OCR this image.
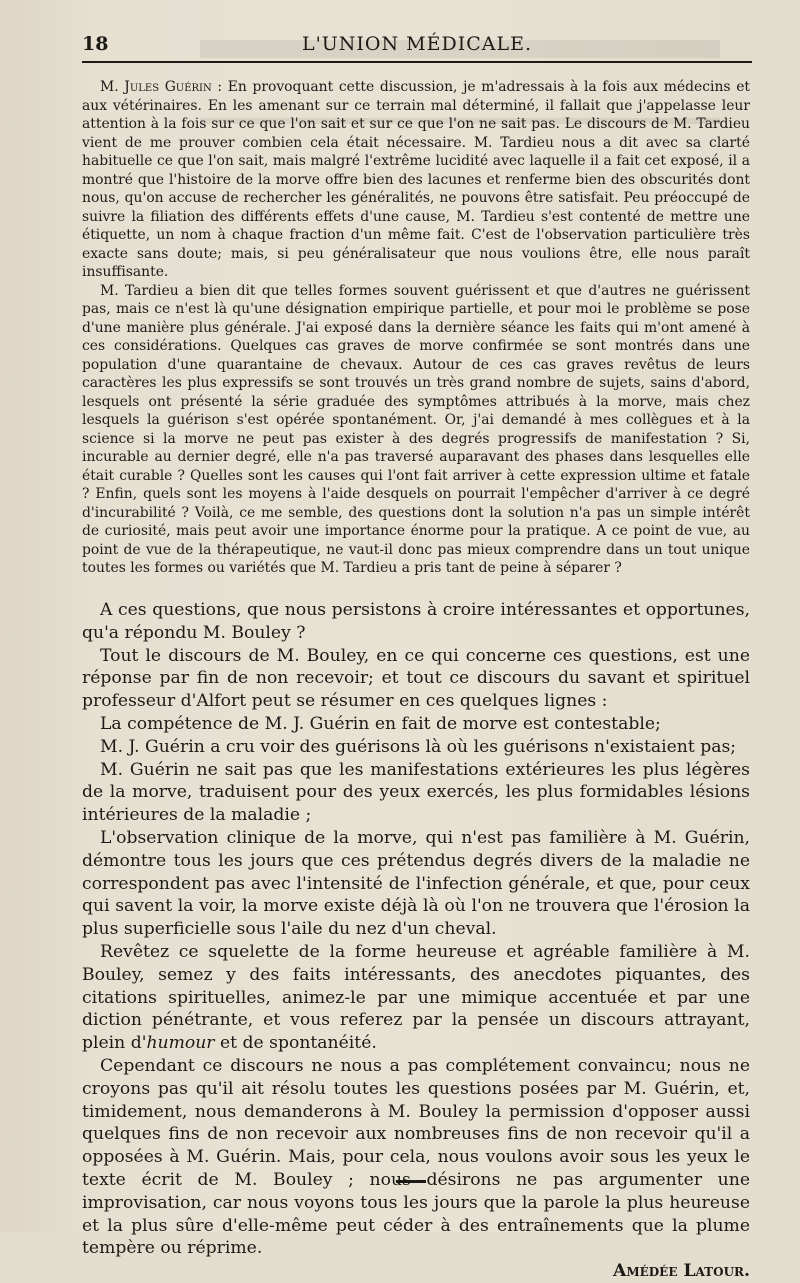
18	L'UNION MÉDICALE.

M. Jules Guérin : En provoquant cette discussion, je m'adressais à la fois aux médecins et aux vétérinaires. En les amenant sur ce terrain mal déterminé, il fallait que j'appelasse leur attention à la fois sur ce que l'on sait et sur ce que l'on ne sait pas. Le discours de M. Tardieu vient de me prouver combien cela était nécessaire. M. Tardieu nous a dit avec sa clarté habituelle ce que l'on sait, mais malgré l'extrême lucidité avec laquelle il a fait cet exposé, il a montré que l'histoire de la morve offre bien des lacunes et renferme bien des obscurités dont nous, qu'on accuse de rechercher les généralités, ne pouvons être satisfait. Peu préoccupé de suivre la filiation des différents effets d'une cause, M. Tardieu s'est contenté de mettre une étiquette, un nom à chaque fraction d'un même fait. C'est de l'observation particulière très exacte sans doute; mais, si peu généralisateur que nous voulions être, elle nous paraît insuffisante.

M. Tardieu a bien dit que telles formes souvent guérissent et que d'autres ne guérissent pas, mais ce n'est là qu'une désignation empirique partielle, et pour moi le problème se pose d'une manière plus générale. J'ai exposé dans la dernière séance les faits qui m'ont amené à ces considérations. Quelques cas graves de morve confirmée se sont montrés dans une population d'une quarantaine de chevaux. Autour de ces cas graves revêtus de leurs caractères les plus expressifs se sont trouvés un très grand nombre de sujets, sains d'abord, lesquels ont présenté la série graduée des symptômes attribués à la morve, mais chez lesquels la guérison s'est opérée spontanément. Or, j'ai demandé à mes collègues et à la science si la morve ne peut pas exister à des degrés progressifs de manifestation ? Si, incurable au dernier degré, elle n'a pas traversé auparavant des phases dans lesquelles elle était curable ? Quelles sont les causes qui l'ont fait arriver à cette expression ultime et fatale ? Enfin, quels sont les moyens à l'aide desquels on pourrait l'empêcher d'arriver à ce degré d'incurabilité ? Voilà, ce me semble, des questions dont la solution n'a pas un simple intérêt de curiosité, mais peut avoir une importance énorme pour la pratique. A ce point de vue, au point de vue de la thérapeutique, ne vaut-il donc pas mieux comprendre dans un tout unique toutes les formes ou variétés que M. Tardieu a pris tant de peine à séparer ?

A ces questions, que nous persistons à croire intéressantes et opportunes, qu'a répondu M. Bouley ?

Tout le discours de M. Bouley, en ce qui concerne ces questions, est une réponse par fin de non recevoir; et tout ce discours du savant et spirituel professeur d'Alfort peut se résumer en ces quelques lignes :

La compétence de M. J. Guérin en fait de morve est contestable;

M. J. Guérin a cru voir des guérisons là où les guérisons n'existaient pas;

M. Guérin ne sait pas que les manifestations extérieures les plus légères de la morve, traduisent pour des yeux exercés, les plus formidables lésions intérieures de la maladie ;

L'observation clinique de la morve, qui n'est pas familière à M. Guérin, démontre tous les jours que ces prétendus degrés divers de la maladie ne correspondent pas avec l'intensité de l'infection générale, et que, pour ceux qui savent la voir, la morve existe déjà là où l'on ne trouvera que l'érosion la plus superficielle sous l'aile du nez d'un cheval.

Revêtez ce squelette de la forme heureuse et agréable familière à M. Bouley, semez y des faits intéressants, des anecdotes piquantes, des citations spirituelles, animez-le par une mimique accentuée et par une diction pénétrante, et vous referez par la pensée un discours attrayant, plein d'humour et de spontanéité.

Cependant ce discours ne nous a pas complétement convaincu; nous ne croyons pas qu'il ait résolu toutes les questions posées par M. Guérin, et, timidement, nous demanderons à M. Bouley la permission d'opposer aussi quelques fins de non recevoir aux nombreuses fins de non recevoir qu'il a opposées à M. Guérin. Mais, pour cela, nous voulons avoir sous les yeux le texte écrit de M. Bouley ; nous désirons ne pas argumenter une improvisation, car nous voyons tous les jours que la parole la plus heureuse et la plus sûre d'elle-même peut céder à des entraînements que la plume tempère ou réprime.

Amédée Latour.
